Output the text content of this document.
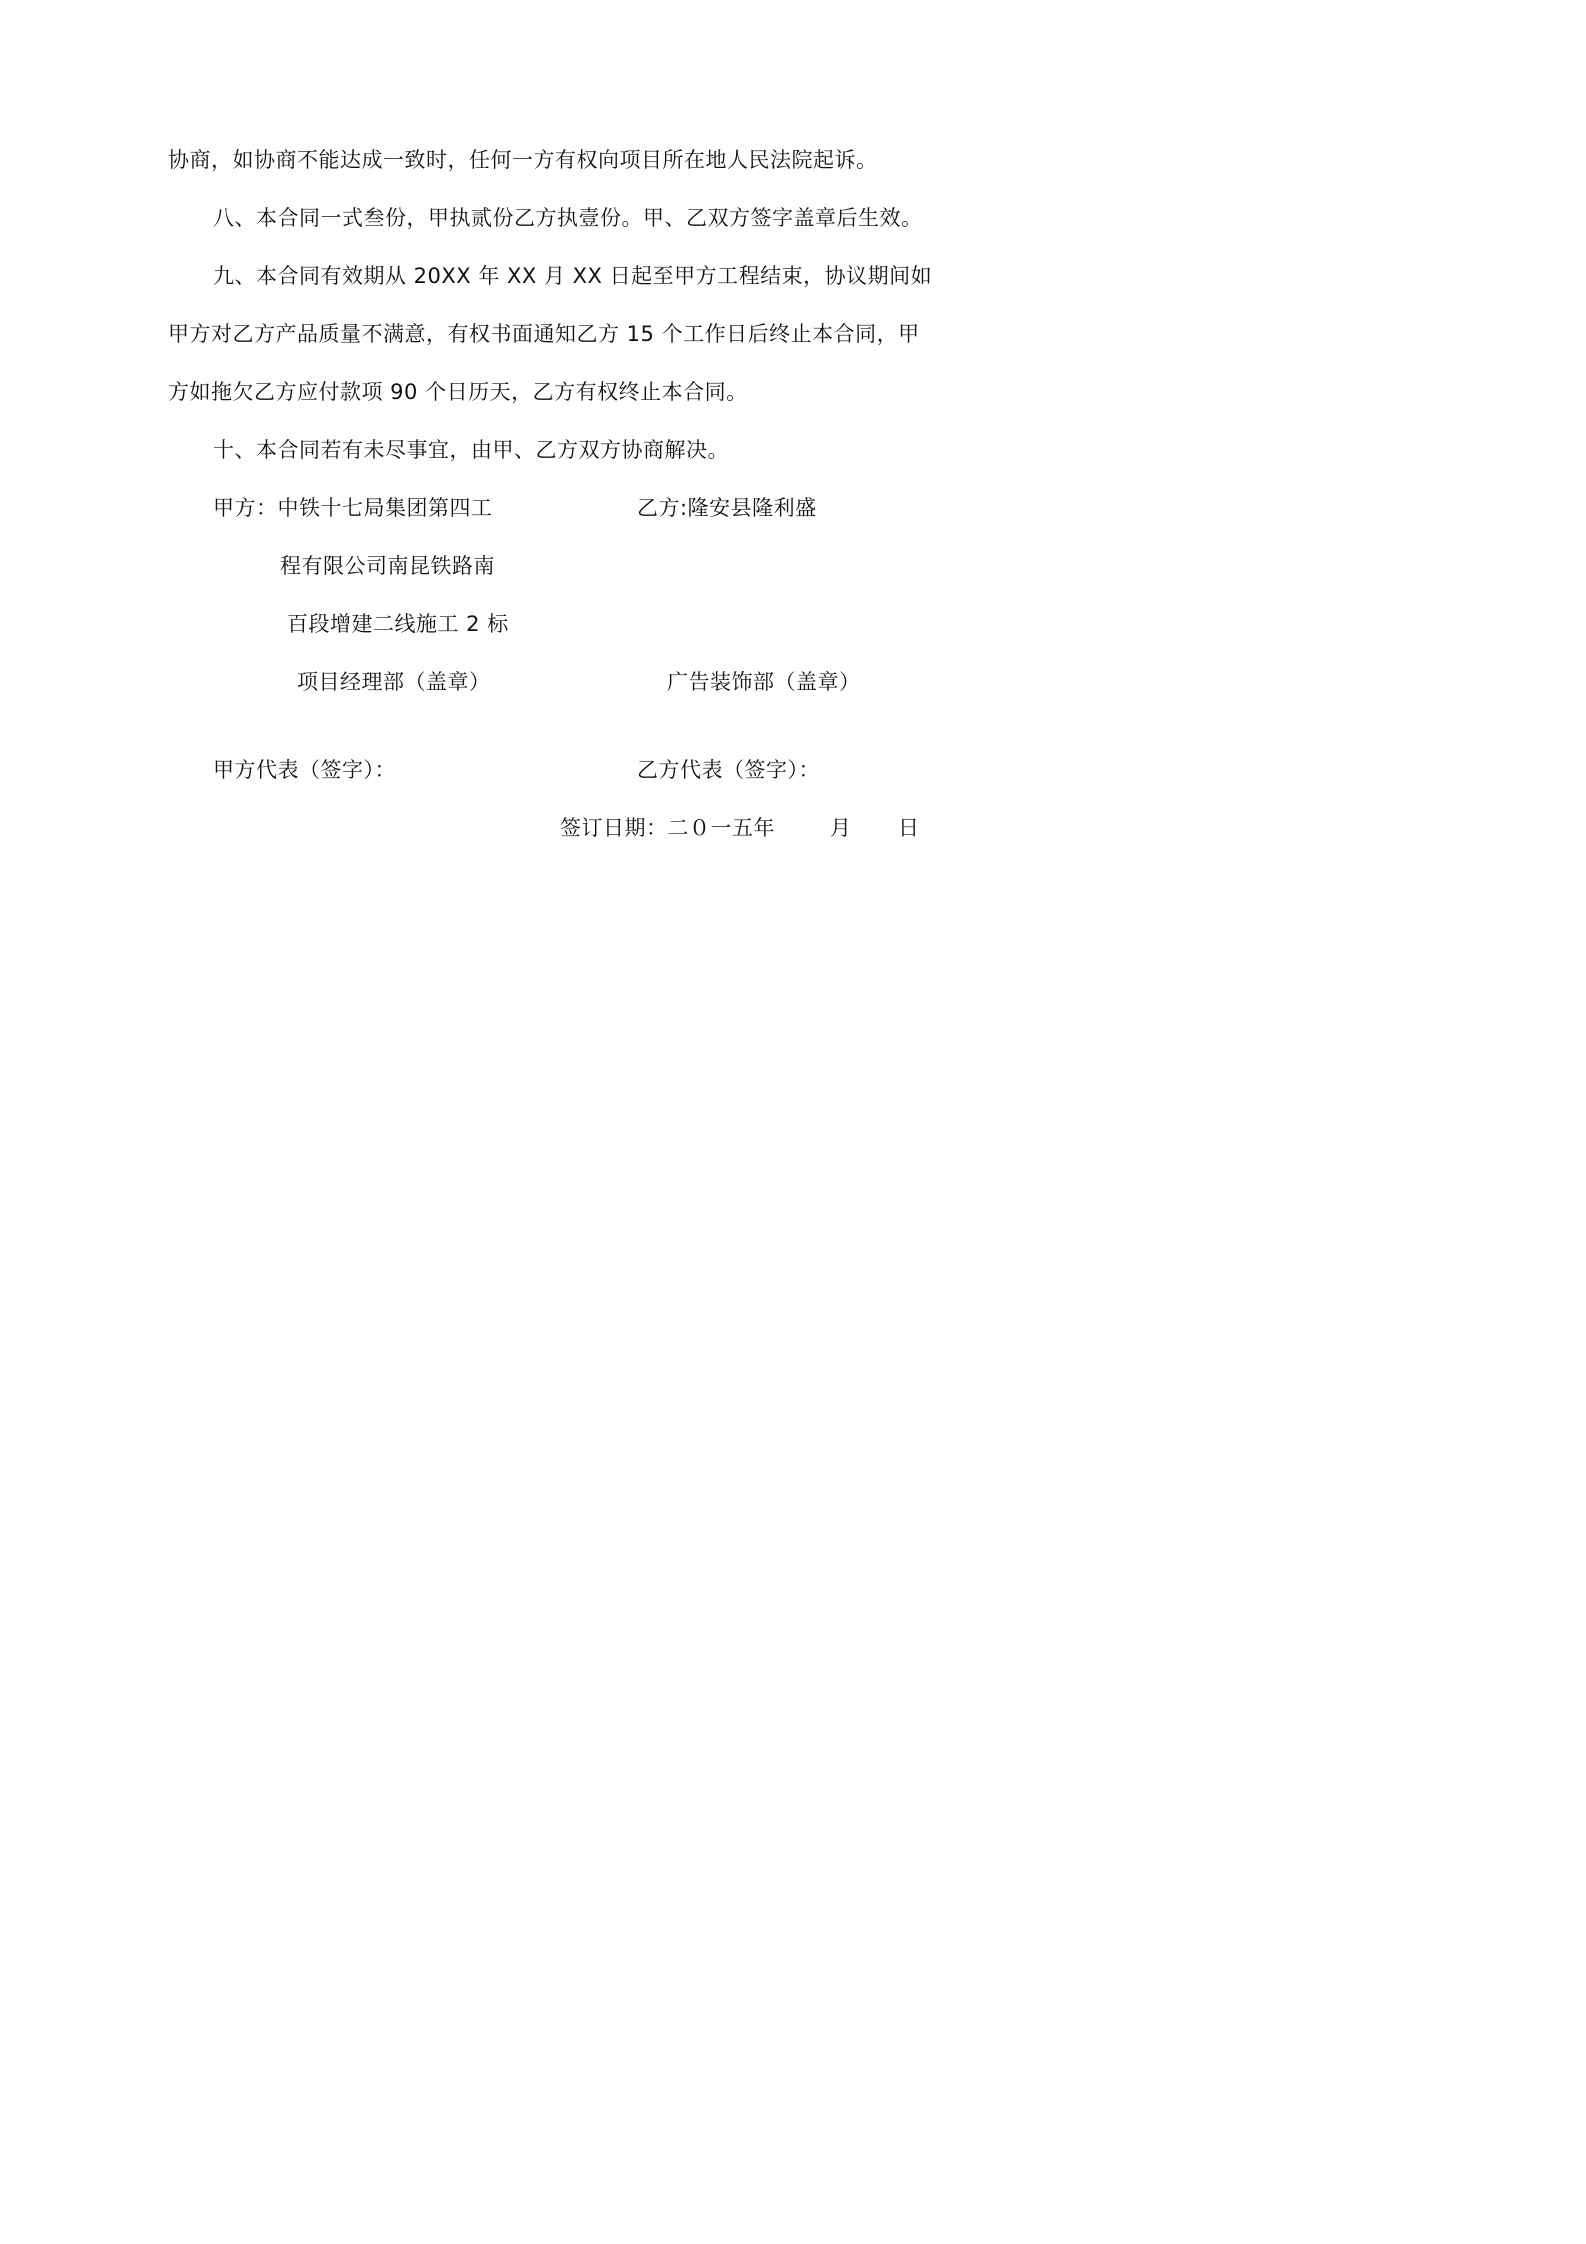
协商，如协商不能达成一致时，任何一方有权向项目所在地人民法院起诉。
八、本合同一式叁份，甲执贰份乙方执壹份。甲、乙双方签字盖章后生效。
九、本合同有效期从 20XX 年 XX 月 XX 日起至甲方工程结束，协议期间如
甲方对乙方产品质量不满意，有权书面通知乙方 15 个工作日后终止本合同，甲
方如拖欠乙方应付款项 90 个日历天，乙方有权终止本合同。
十、本合同若有未尽事宜，由甲、乙方双方协商解决。
甲方：中铁十七局集团第四工	乙方:隆安县隆利盛
程有限公司南昆铁路南
百段增建二线施工 2 标
项目经理部（盖章）	广告装饰部（盖章）
甲方代表（签字）：	乙方代表（签字）：
签订日期：二０一五年	月 日
